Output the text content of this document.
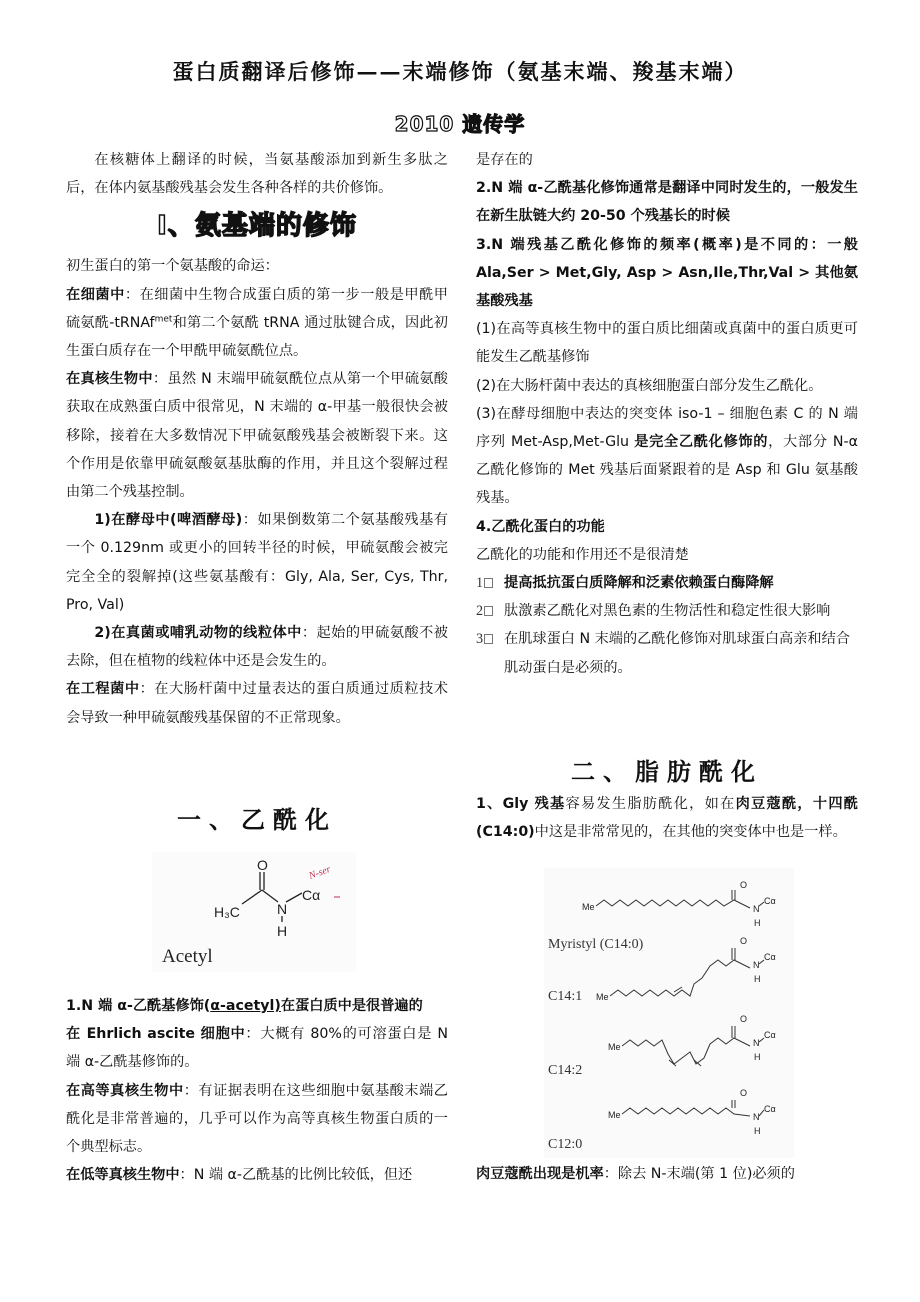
蛋白质翻译后修饰——末端修饰（氨基末端、羧基末端）
2010 遗传学
在核糖体上翻译的时候，当氨基酸添加到新生多肽之后，在体内氨基酸残基会发生各种各样的共价修饰。
I、氨基端的修饰
初生蛋白的第一个氨基酸的命运：
在细菌中：在细菌中生物合成蛋白质的第一步一般是甲酰甲硫氨酰-tRNAf$^{met}$和第二个氨酰 tRNA 通过肽键合成，因此初生蛋白质存在一个甲酰甲硫氨酰位点。
在真核生物中：虽然 N 末端甲硫氨酰位点从第一个甲硫氨酸获取在成熟蛋白质中很常见，N 末端的 α-甲基一般很快会被移除，接着在大多数情况下甲硫氨酸残基会被断裂下来。这个作用是依靠甲硫氨酸氨基肽酶的作用，并且这个裂解过程由第二个残基控制。
1)在酵母中(啤酒酵母)：如果倒数第二个氨基酸残基有一个 0.129nm 或更小的回转半径的时候，甲硫氨酸会被完完全全的裂解掉(这些氨基酸有：Gly, Ala, Ser, Cys, Thr, Pro, Val)
2)在真菌或哺乳动物的线粒体中：起始的甲硫氨酸不被去除，但在植物的线粒体中还是会发生的。
在工程菌中：在大肠杆菌中过量表达的蛋白质通过质粒技术会导致一种甲硫氨酸残基保留的不正常现象。
一、乙酰化
H₃C
O
N
H
Cα
N-ser
Acetyl
1.N 端 α-乙酰基修饰(α-acetyl)在蛋白质中是很普遍的
在 Ehrlich ascite 细胞中：大概有 80%的可溶蛋白是 N 端 α-乙酰基修饰的。
在高等真核生物中：有证据表明在这些细胞中氨基酸末端乙酰化是非常普遍的，几乎可以作为高等真核生物蛋白质的一个典型标志。
在低等真核生物中：N 端 α-乙酰基的比例比较低，但还
是存在的
2.N 端 α-乙酰基化修饰通常是翻译中同时发生的，一般发生在新生肽链大约 20-50 个残基长的时候
3.N 端残基乙酰化修饰的频率(概率)是不同的：一般 Ala,Ser > Met,Gly, Asp > Asn,Ile,Thr,Val > 其他氨基酸残基
(1)在高等真核生物中的蛋白质比细菌或真菌中的蛋白质更可能发生乙酰基修饰
(2)在大肠杆菌中表达的真核细胞蛋白部分发生乙酰化。
(3)在酵母细胞中表达的突变体 iso-1 – 细胞色素 C 的 N 端序列 Met-Asp,Met-Glu 是完全乙酰化修饰的，大部分 N-α 乙酰化修饰的 Met 残基后面紧跟着的是 Asp 和 Glu 氨基酸残基。
4.乙酰化蛋白的功能
乙酰化的功能和作用还不是很清楚
1	提高抵抗蛋白质降解和泛素依赖蛋白酶降解
2	肽激素乙酰化对黑色素的生物活性和稳定性很大影响
3	在肌球蛋白 N 末端的乙酰化修饰对肌球蛋白高亲和结合肌动蛋白是必须的。
二、脂肪酰化
1、Gly 残基容易发生脂肪酰化，如在肉豆蔻酰，十四酰(C14:0)中这是非常常见的，在其他的突变体中也是一样。
Me
O
N
H
Cα
Me
O
N
H
Cα
Me
O
N
H
Cα
Me
O
N
H
Cα
Myristyl (C14:0)
C14:1
C14:2
C12:0
肉豆蔻酰出现是机率：除去 N-末端(第 1 位)必须的
